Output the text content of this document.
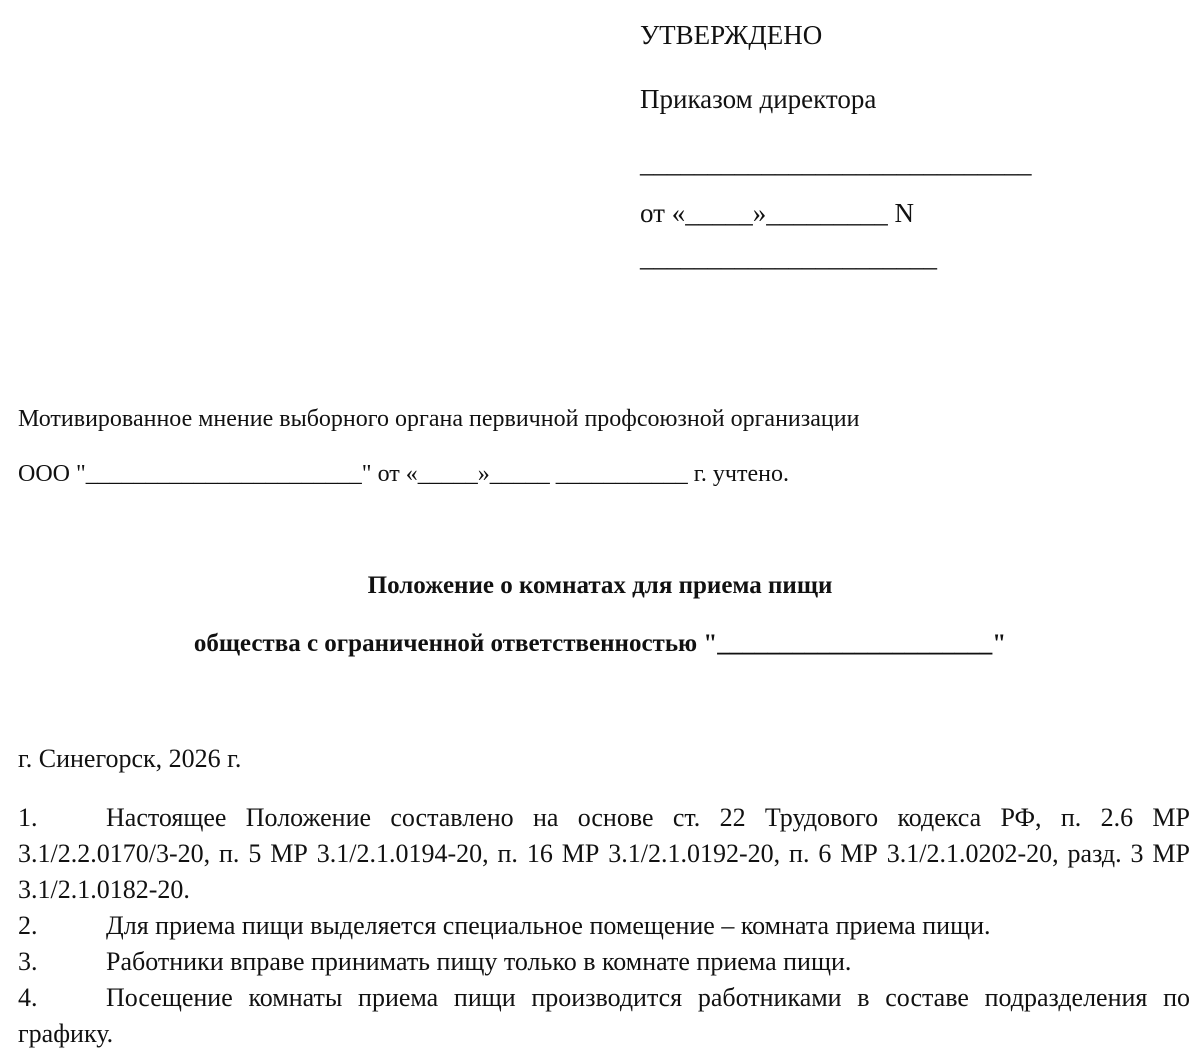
УТВЕРЖДЕНО
Приказом директора
_____________________________
от «_____»_________ N
______________________
Мотивированное мнение выборного органа первичной профсоюзной организации
ООО "_______________________" от «_____»_____ ___________ г. учтено.
Положение о комнатах для приема пищи
общества с ограниченной ответственностью "______________________"
г. Синегорск, 2026 г.
1.	Настоящее Положение составлено на основе ст. 22 Трудового кодекса РФ, п. 2.6 МР 3.1/2.2.0170/3-20, п. 5 МР 3.1/2.1.0194-20, п. 16 МР 3.1/2.1.0192-20, п. 6 МР 3.1/2.1.0202-20, разд. 3 МР 3.1/2.1.0182-20.
2.	Для приема пищи выделяется специальное помещение – комната приема пищи.
3.	Работники вправе принимать пищу только в комнате приема пищи.
4.	Посещение комнаты приема пищи производится работниками в составе подразделения по графику.
